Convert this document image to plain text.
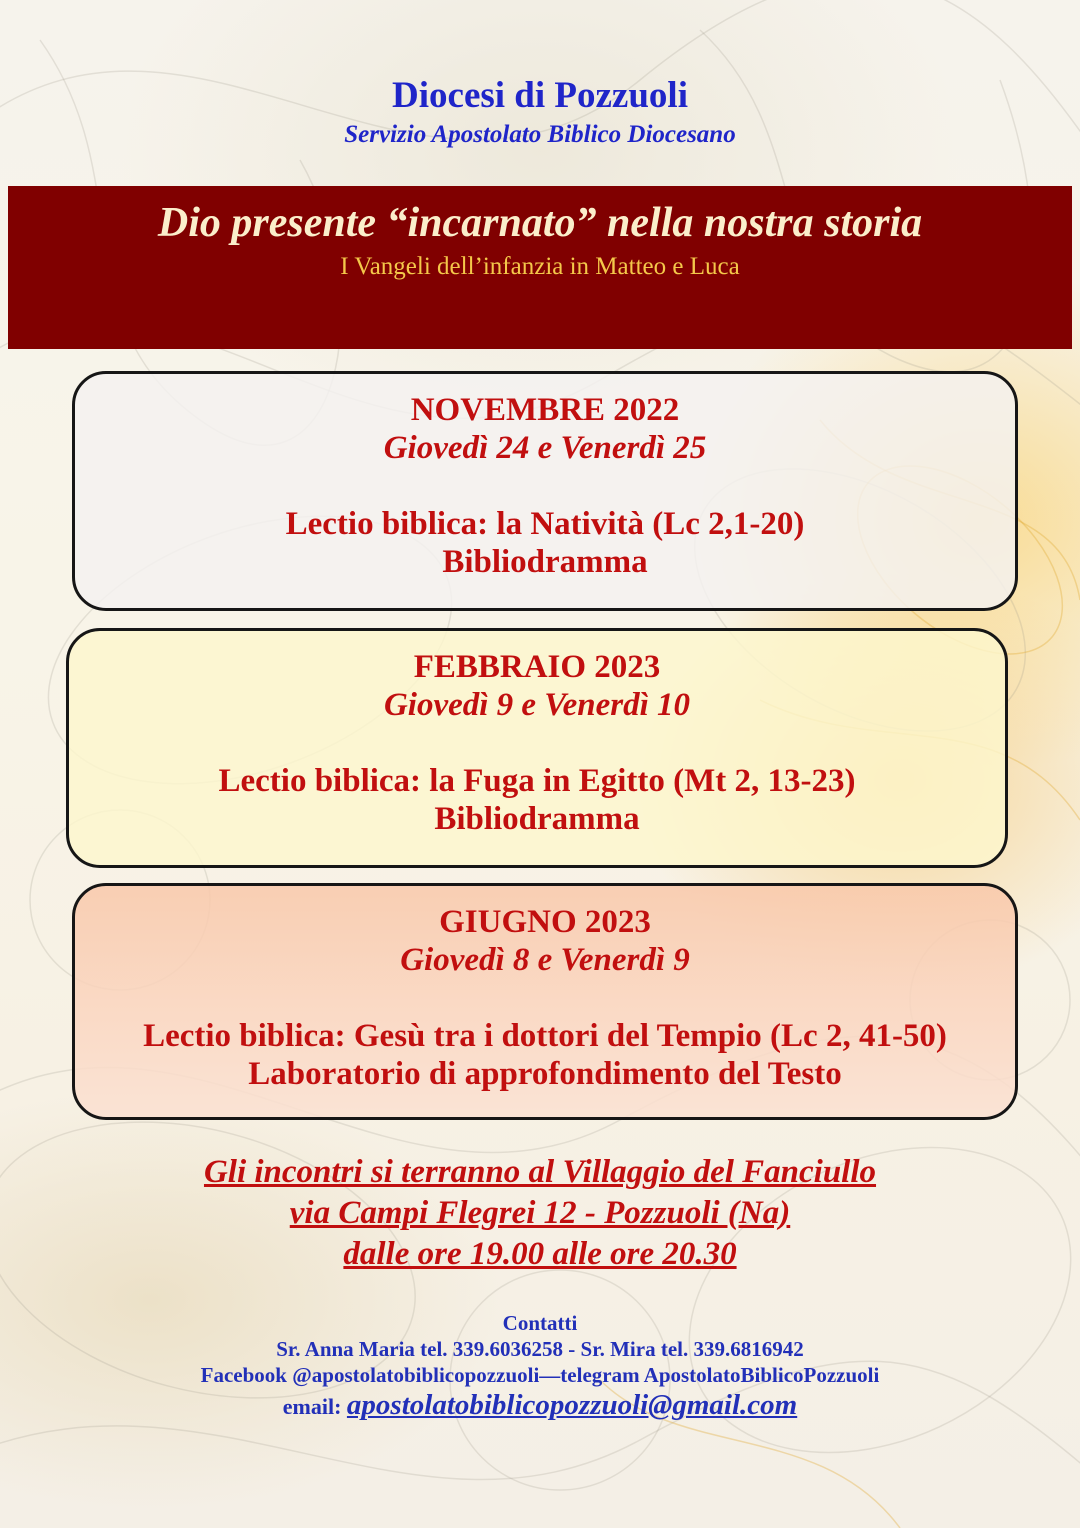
Diocesi di Pozzuoli

Servizio Apostolato Biblico Diocesano

Dio presente “incarnato” nella nostra storia

I Vangeli dell’infanzia in Matteo e Luca

NOVEMBRE 2022

Giovedì 24 e Venerdì 25

Lectio biblica: la Natività (Lc 2,1-20)

Bibliodramma

FEBBRAIO 2023

Giovedì 9 e Venerdì 10

Lectio biblica: la Fuga in Egitto (Mt 2, 13-23)

Bibliodramma

GIUGNO 2023

Giovedì 8 e Venerdì 9

Lectio biblica: Gesù tra i dottori del Tempio (Lc 2, 41-50)

Laboratorio di approfondimento del Testo

Gli incontri si terranno al Villaggio del Fanciullo

via Campi Flegrei 12 - Pozzuoli (Na)

dalle ore 19.00 alle ore 20.30

Contatti

Sr. Anna Maria tel. 339.6036258 - Sr. Mira tel. 339.6816942

Facebook @apostolatobiblicopozzuoli—telegram ApostolatoBiblicoPozzuoli

email: apostolatobiblicopozzuoli@gmail.com
